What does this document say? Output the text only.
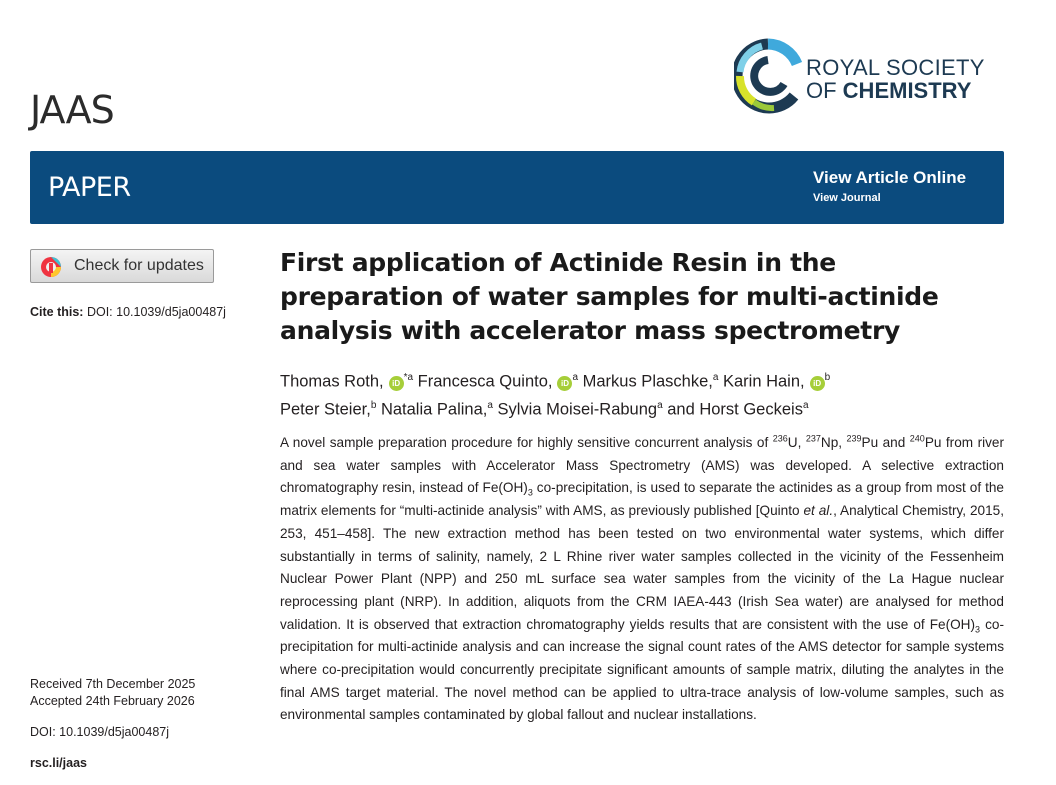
JAAS
ROYAL SOCIETY
OF CHEMISTRY
PAPER	View Article Online
View Journal
Check for updates
Cite this: DOI: 10.1039/d5ja00487j
Received 7th December 2025
Accepted 24th February 2026
DOI: 10.1039/d5ja00487j
rsc.li/jaas
First application of Actinide Resin in the preparation of water samples for multi-actinide analysis with accelerator mass spectrometry
Thomas Roth, iD $^{*a}$ Francesca Quinto, iD $^a$ Markus Plaschke,$^a$ Karin Hain, iD $^b$
Peter Steier,$^b$ Natalia Palina,$^a$ Sylvia Moisei-Rabung$^a$ and Horst Geckeis$^a$

A novel sample preparation procedure for highly sensitive concurrent analysis of $^{236}$U, $^{237}$Np, $^{239}$Pu and $^{240}$Pu from river and sea water samples with Accelerator Mass Spectrometry (AMS) was developed. A selective extraction chromatography resin, instead of $Fe(OH)_3$ co-precipitation, is used to separate the actinides as a group from most of the matrix elements for “multi-actinide analysis” with AMS, as previously published [Quinto et al., Analytical Chemistry, 2015, 253, 451–458]. The new extraction method has been tested on two environmental water systems, which differ substantially in terms of salinity, namely, 2 L Rhine river water samples collected in the vicinity of the Fessenheim Nuclear Power Plant (NPP) and 250 mL surface sea water samples from the vicinity of the La Hague nuclear reprocessing plant (NRP). In addition, aliquots from the CRM IAEA-443 (Irish Sea water) are analysed for method validation. It is observed that extraction chromatography yields results that are consistent with the use of $Fe(OH)_3$ co-precipitation for multi-actinide analysis and can increase the signal count rates of the AMS detector for sample systems where co-precipitation would concurrently precipitate significant amounts of sample matrix, diluting the analytes in the final AMS target material. The novel method can be applied to ultra-trace analysis of low-volume samples, such as environmental samples contaminated by global fallout and nuclear installations.
